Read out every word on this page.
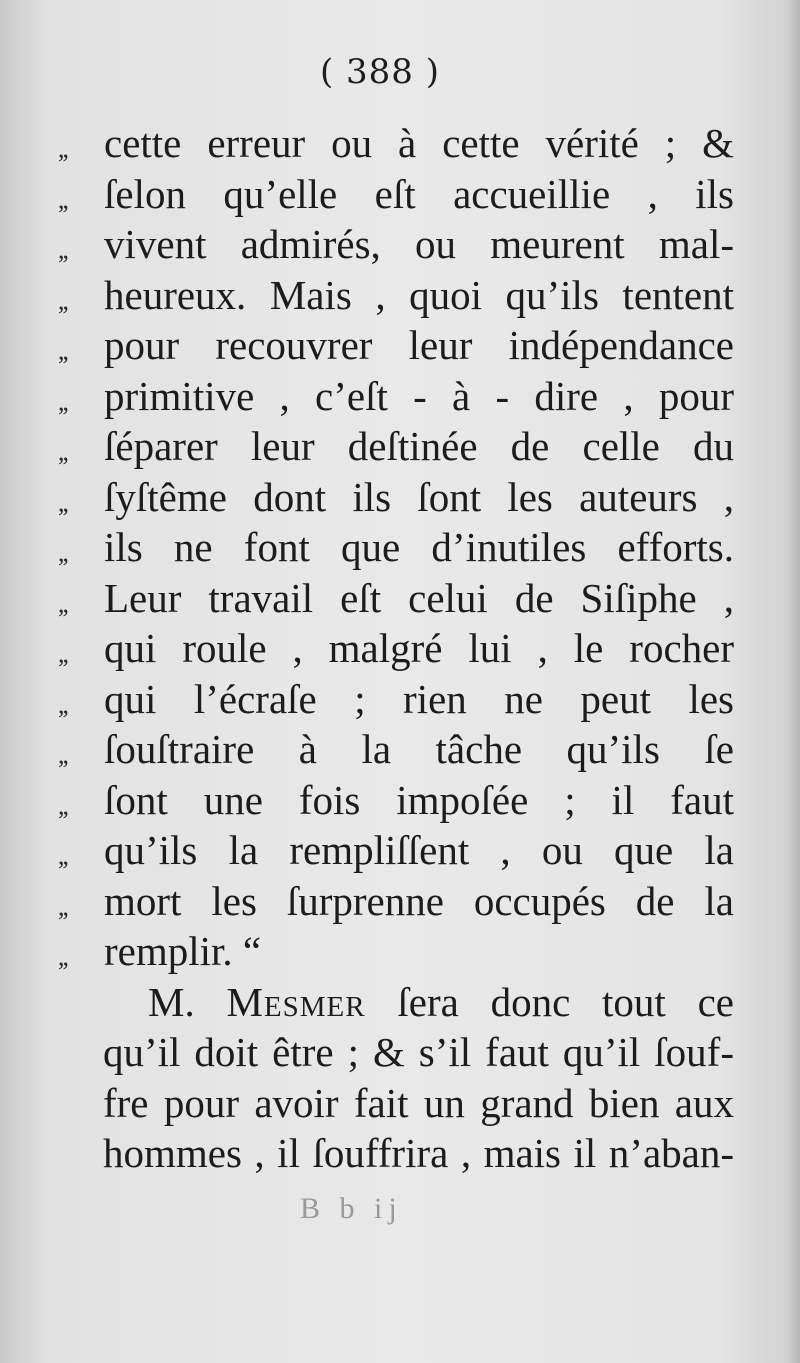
( 388 )
,, cette erreur ou à cette vérité ; &
,, ſelon qu’elle eſt accueillie , ils
,, vivent admirés, ou meurent mal-
,, heureux. Mais , quoi qu’ils tentent
,, pour recouvrer leur indépendance
,, primitive , c’eſt - à - dire , pour
,, ſéparer leur deſtinée de celle du
,, ſyſtême dont ils ſont les auteurs ,
,, ils ne font que d’inutiles efforts.
,, Leur travail eſt celui de Siſiphe ,
,, qui roule , malgré lui , le rocher
,, qui l’écraſe ; rien ne peut les
,, ſouſtraire à la tâche qu’ils ſe
,, ſont une fois impoſée ; il faut
,, qu’ils la rempliſſent , ou que la
,, mort les ſurprenne occupés de la
,, remplir. “
M. Mesmer ſera donc tout ce
qu’il doit être ; & s’il faut qu’il ſouf-
fre pour avoir fait un grand bien aux
hommes , il ſouffrira , mais il n’aban-
B b ij
